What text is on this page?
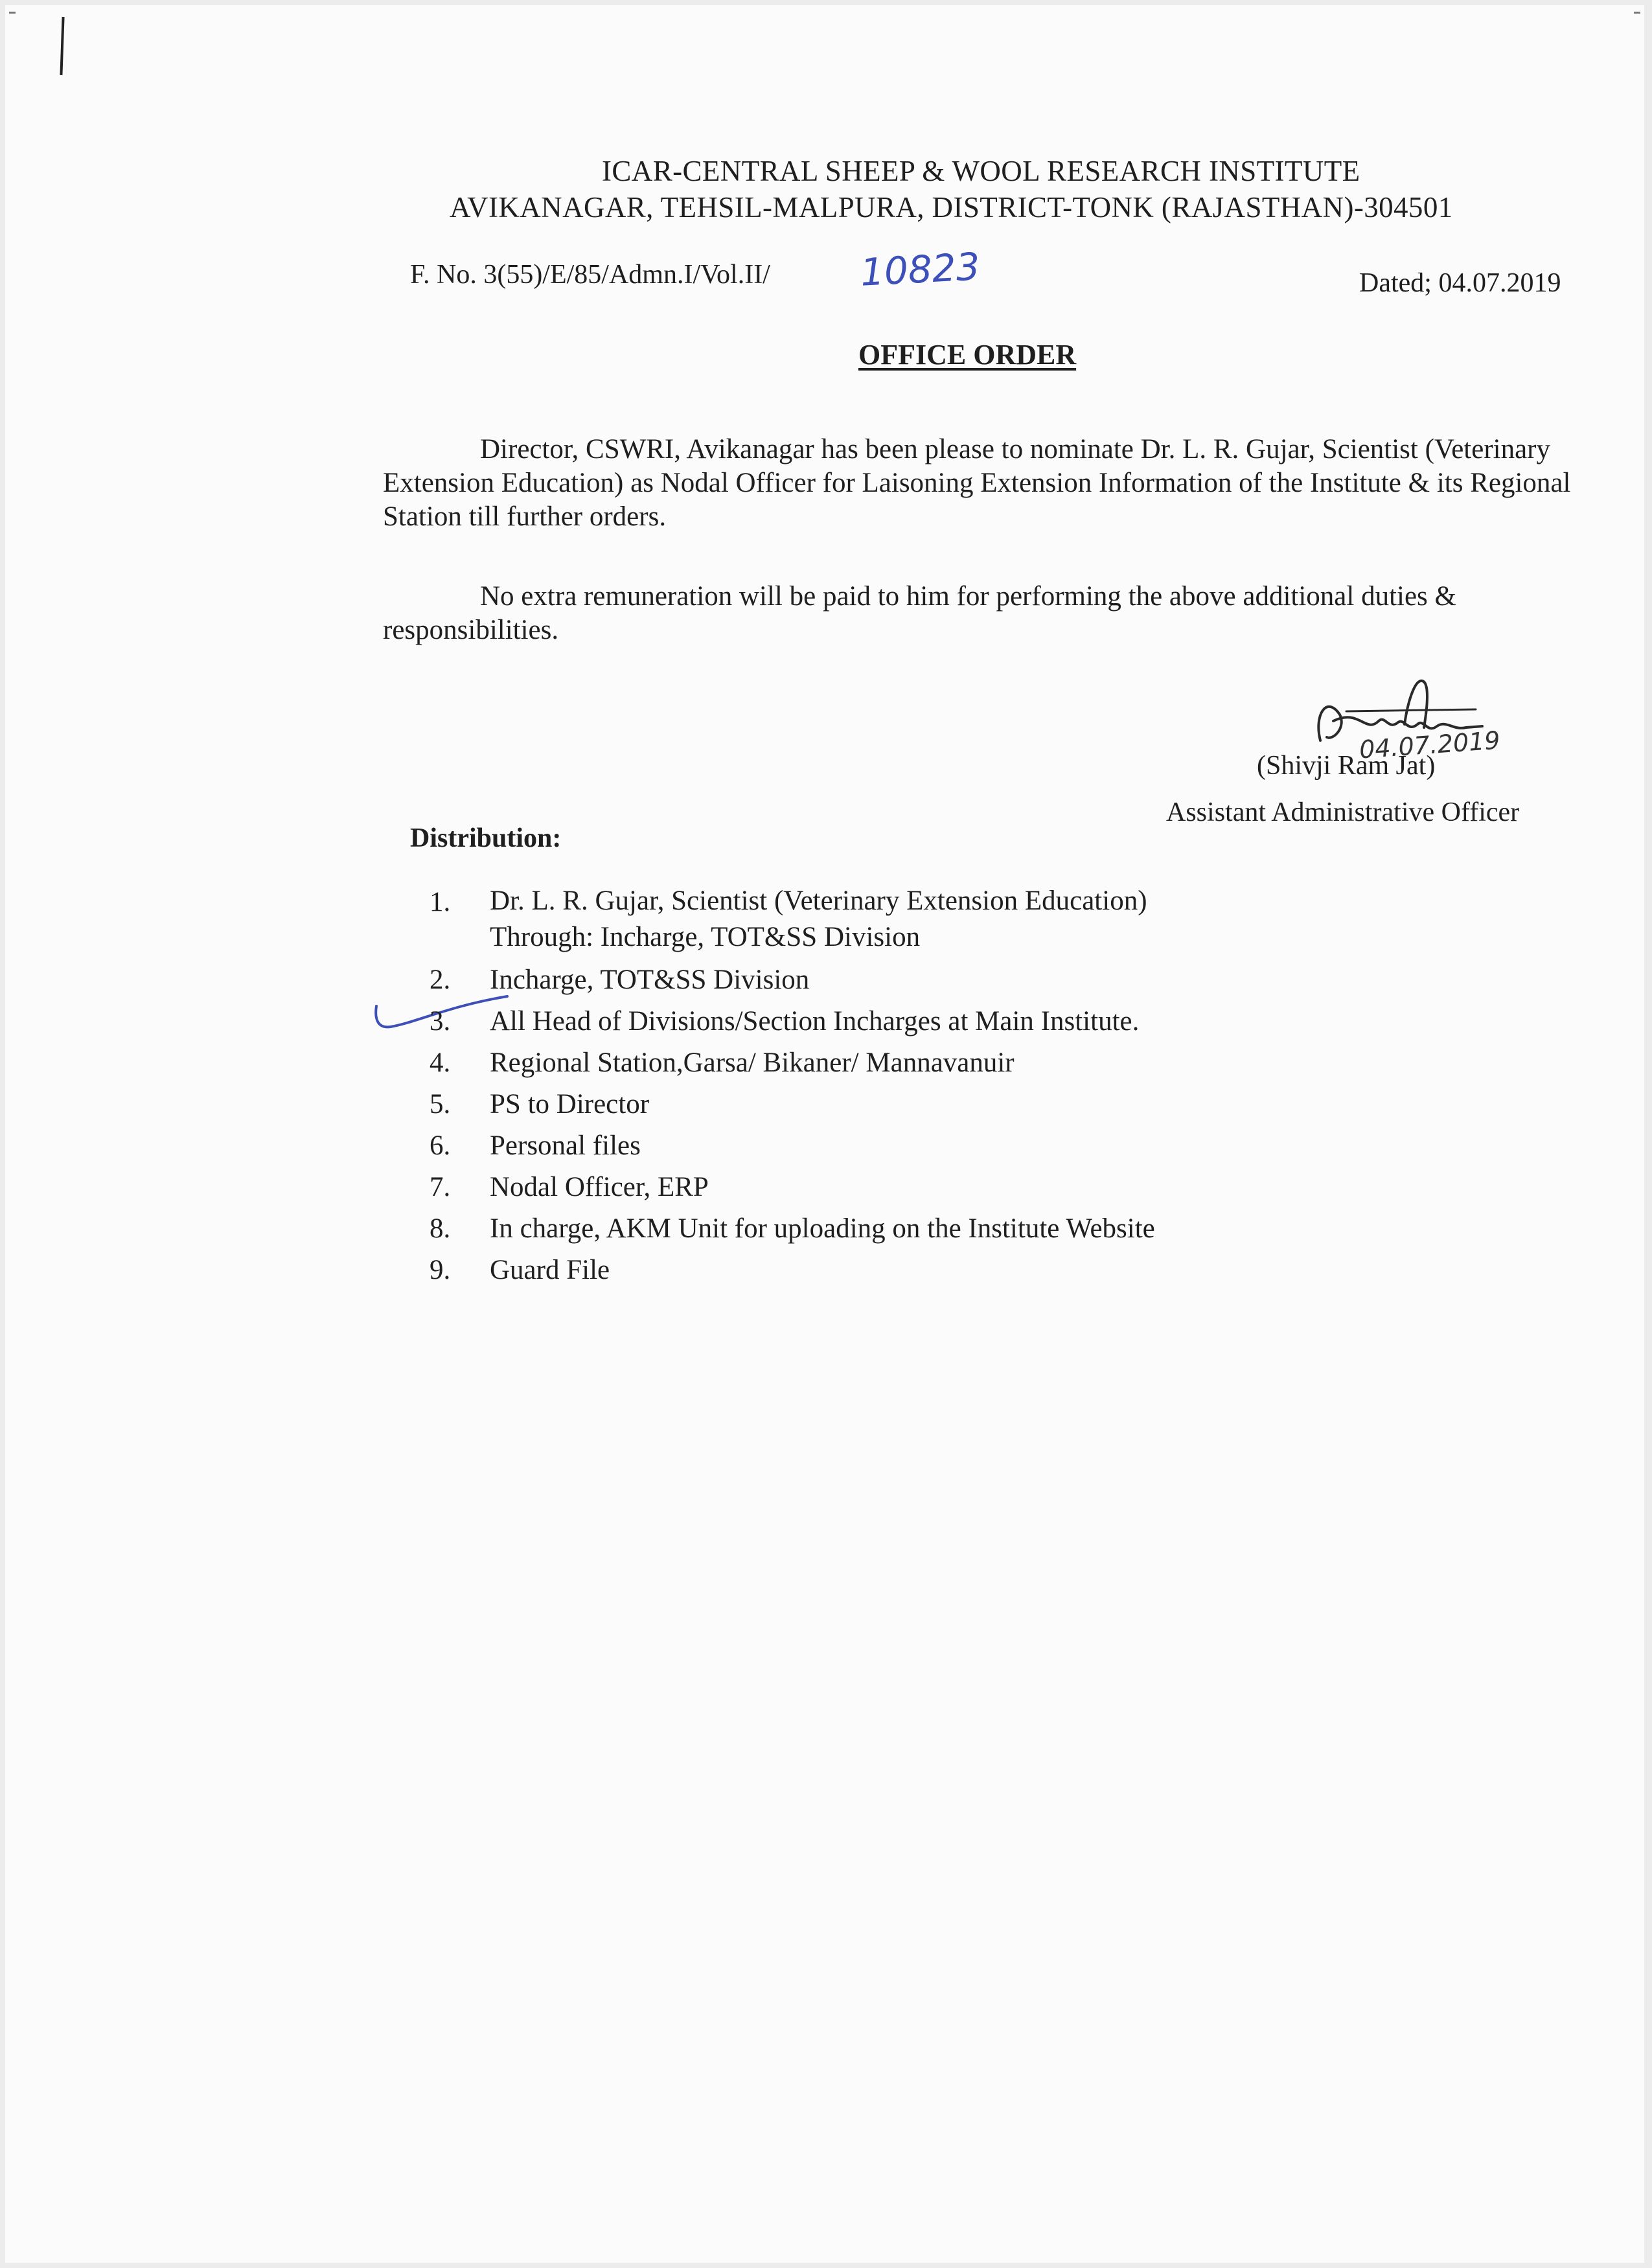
ICAR-CENTRAL SHEEP & WOOL RESEARCH INSTITUTE
AVIKANAGAR, TEHSIL-MALPURA, DISTRICT-TONK (RAJASTHAN)-304501
F. No. 3(55)/E/85/Admn.I/Vol.II/ 10823	Dated; 04.07.2019
OFFICE ORDER
Director, CSWRI, Avikanagar has been please to nominate Dr. L. R. Gujar, Scientist (Veterinary Extension Education) as Nodal Officer for Laisoning Extension Information of the Institute & its Regional Station till further orders.
No extra remuneration will be paid to him for performing the above additional duties & responsibilities.
04.07.2019
(Shivji Ram Jat)
Assistant Administrative Officer
Distribution:
1.	Dr. L. R. Gujar, Scientist (Veterinary Extension Education)
Through: Incharge, TOT&SS Division
2.	Incharge, TOT&SS Division
3.	All Head of Divisions/Section Incharges at Main Institute.
4.	Regional Station,Garsa/ Bikaner/ Mannavanuir
5.	PS to Director
6.	Personal files
7.	Nodal Officer, ERP
8.	In charge, AKM Unit for uploading on the Institute Website
9.	Guard File
